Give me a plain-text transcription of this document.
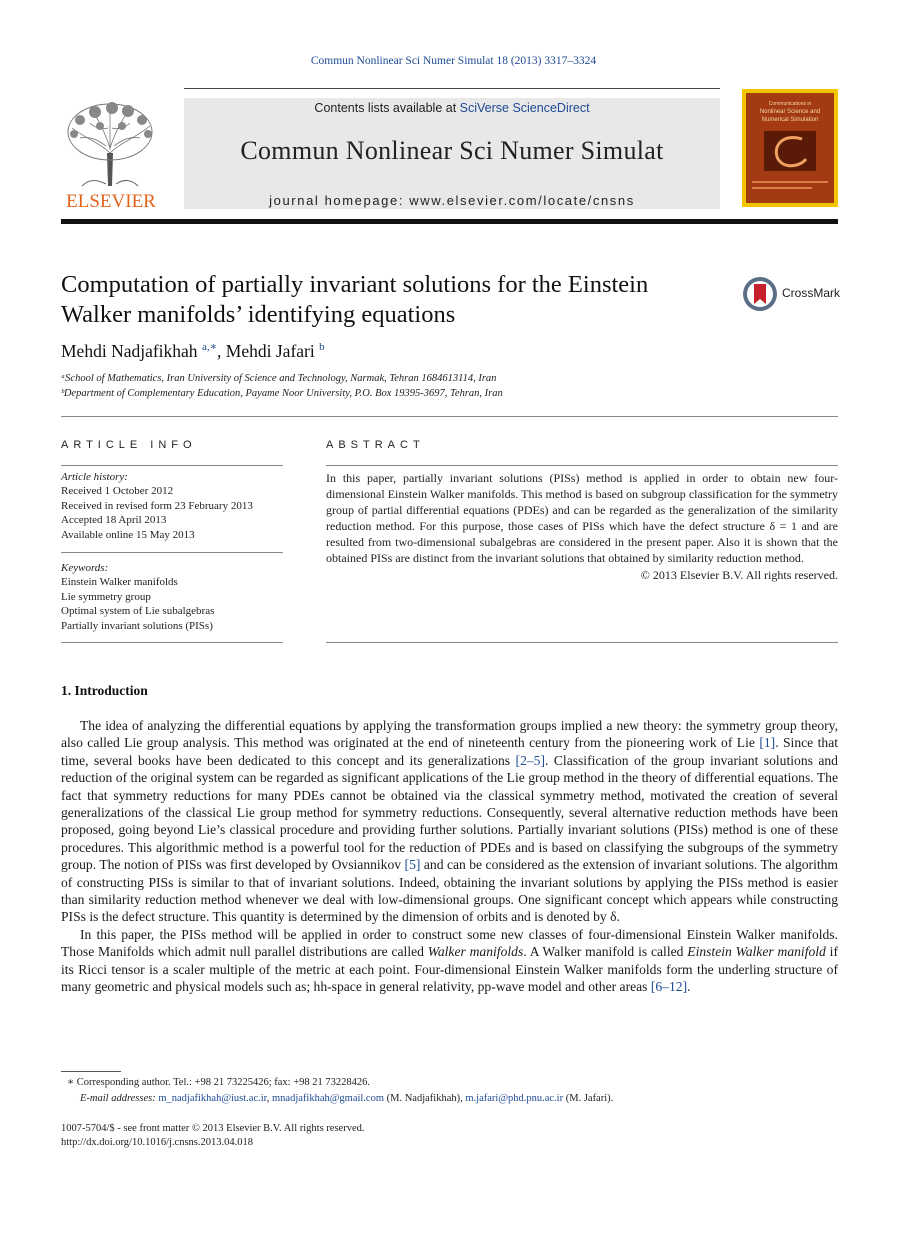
Commun Nonlinear Sci Numer Simulat 18 (2013) 3317–3324
ELSEVIER
Contents lists available at SciVerse ScienceDirect
Commun Nonlinear Sci Numer Simulat
journal homepage: www.elsevier.com/locate/cnsns
Communications in
Nonlinear Science and
Numerical Simulation
Computation of partially invariant solutions for the Einstein Walker manifolds’ identifying equations
CrossMark
Mehdi Nadjafikhah $^{a,∗}$, Mehdi Jafari $^b$
ᵃSchool of Mathematics, Iran University of Science and Technology, Narmak, Tehran 1684613114, Iran
ᵇDepartment of Complementary Education, Payame Noor University, P.O. Box 19395-3697, Tehran, Iran
ARTICLE INFO
Article history:
Received 1 October 2012
Received in revised form 23 February 2013
Accepted 18 April 2013
Available online 15 May 2013
Keywords:
Einstein Walker manifolds
Lie symmetry group
Optimal system of Lie subalgebras
Partially invariant solutions (PISs)
ABSTRACT
In this paper, partially invariant solutions (PISs) method is applied in order to obtain new four-dimensional Einstein Walker manifolds. This method is based on subgroup classification for the symmetry group of partial differential equations (PDEs) and can be regarded as the generalization of the similarity reduction method. For this purpose, those cases of PISs which have the defect structure δ = 1 and are resulted from two-dimensional subalgebras are considered in the present paper. Also it is shown that the obtained PISs are distinct from the invariant solutions that obtained by similarity reduction method.
© 2013 Elsevier B.V. All rights reserved.
1. Introduction

The idea of analyzing the differential equations by applying the transformation groups implied a new theory: the symmetry group theory, also called Lie group analysis. This method was originated at the end of nineteenth century from the pioneering work of Lie [1]. Since that time, several books have been dedicated to this concept and its generalizations [2–5]. Classification of the group invariant solutions and reduction of the original system can be regarded as significant applications of the Lie group method in the theory of differential equations. The fact that symmetry reductions for many PDEs cannot be obtained via the classical symmetry method, motivated the creation of several generalizations of the classical Lie group method for symmetry reductions. Consequently, several alternative reduction methods have been proposed, going beyond Lie’s classical procedure and providing further solutions. Partially invariant solutions (PISs) method is one of these procedures. This algorithmic method is a powerful tool for the reduction of PDEs and is based on classifying the subgroups of the symmetry group. The notion of PISs was first developed by Ovsiannikov [5] and can be considered as the extension of invariant solutions. The algorithm of constructing PISs is similar to that of invariant solutions. Indeed, obtaining the invariant solutions by applying the PISs method is easier than similarity reduction method whenever we deal with low-dimensional groups. One significant concept which appears while constructing PISs is the defect structure. This quantity is determined by the dimension of orbits and is denoted by δ.

In this paper, the PISs method will be applied in order to construct some new classes of four-dimensional Einstein Walker manifolds. Those Manifolds which admit null parallel distributions are called Walker manifolds. A Walker manifold is called Einstein Walker manifold if its Ricci tensor is a scaler multiple of the metric at each point. Four-dimensional Einstein Walker manifolds form the underling structure of many geometric and physical models such as; hh-space in general relativity, pp-wave model and other areas [6–12].

∗ Corresponding author. Tel.: +98 21 73225426; fax: +98 21 73228426.
E-mail addresses: m_nadjafikhah@iust.ac.ir, mnadjafikhah@gmail.com (M. Nadjafikhah), m.jafari@phd.pnu.ac.ir (M. Jafari).
1007-5704/$ - see front matter © 2013 Elsevier B.V. All rights reserved.
http://dx.doi.org/10.1016/j.cnsns.2013.04.018
